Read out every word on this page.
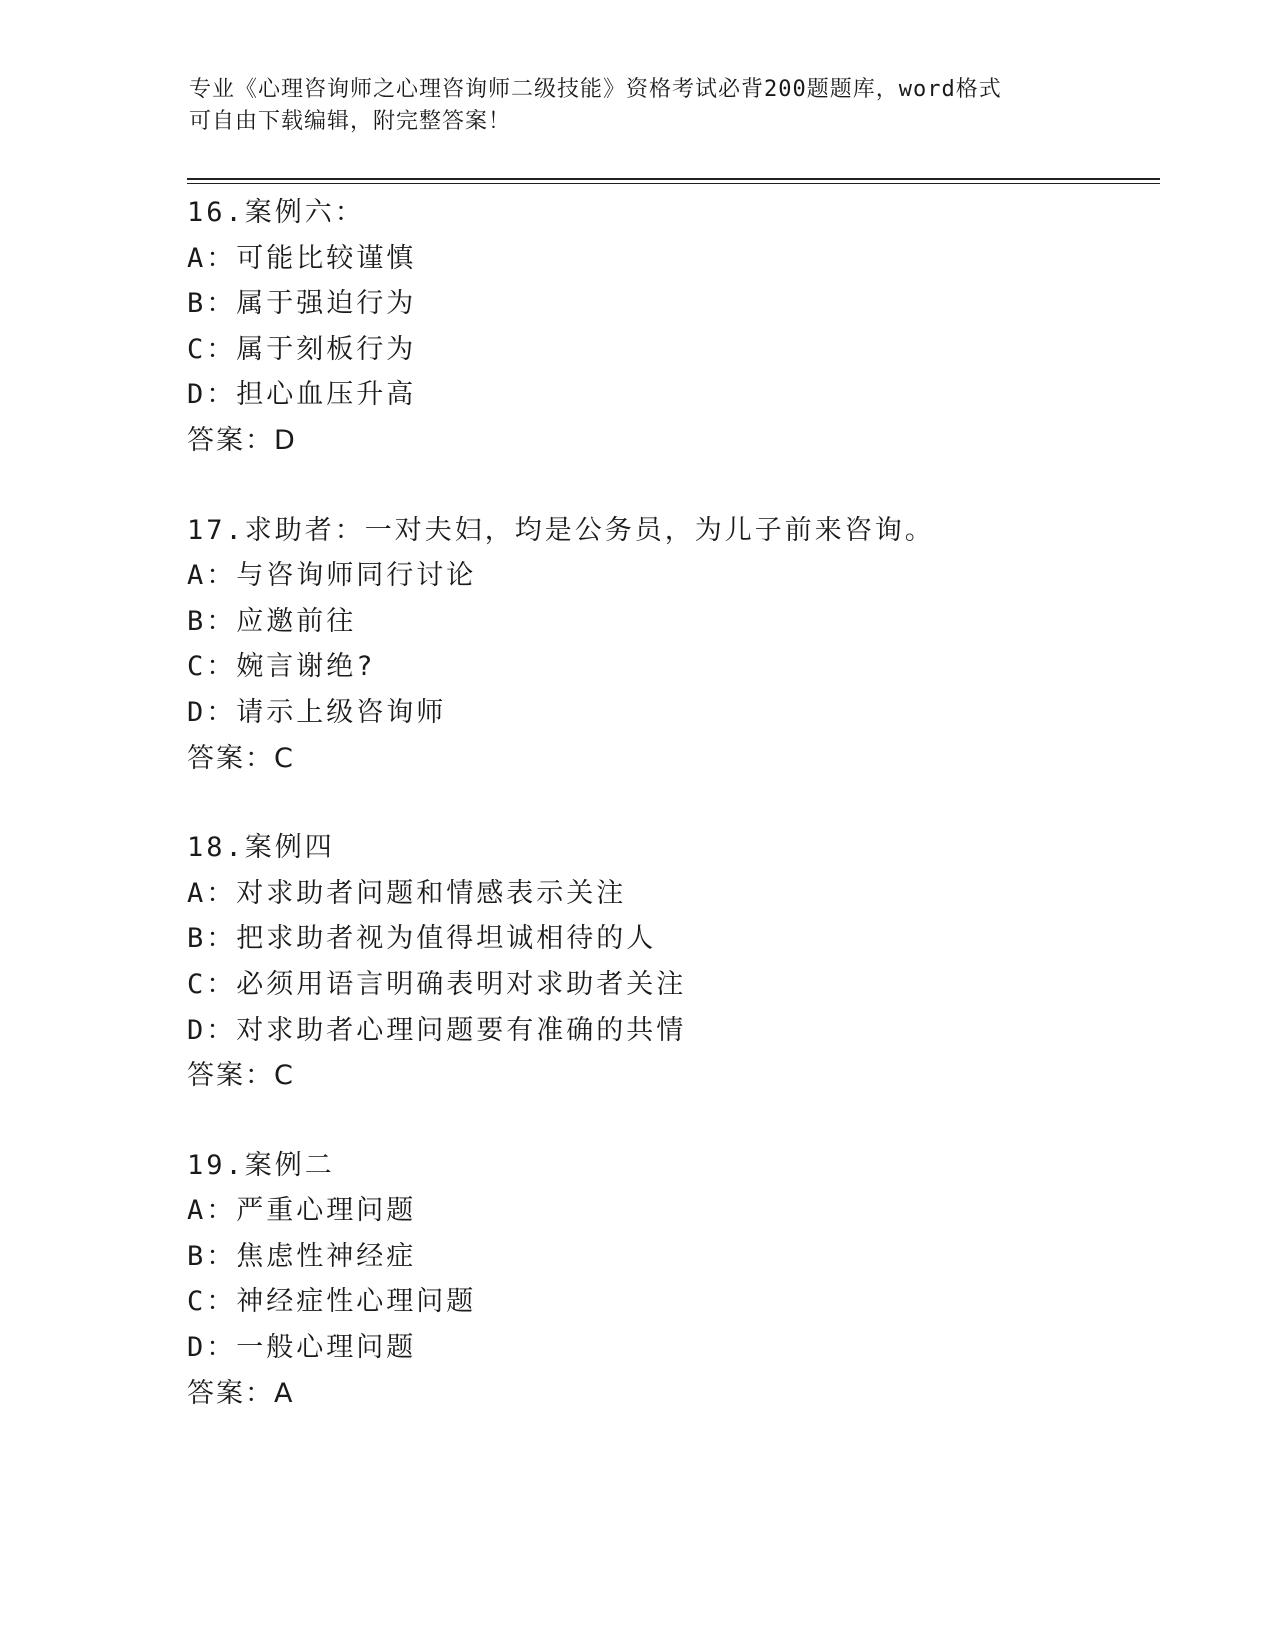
专业《心理咨询师之心理咨询师二级技能》资格考试必背200题题库，word格式
可自由下载编辑，附完整答案！
16.案例六：
A：可能比较谨慎
B：属于强迫行为
C：属于刻板行为
D：担心血压升高
答案：D
17.求助者：一对夫妇，均是公务员，为儿子前来咨询。
A：与咨询师同行讨论
B：应邀前往
C：婉言谢绝?
D：请示上级咨询师
答案：C
18.案例四
A：对求助者问题和情感表示关注
B：把求助者视为值得坦诚相待的人
C：必须用语言明确表明对求助者关注
D：对求助者心理问题要有准确的共情
答案：C
19.案例二
A：严重心理问题
B：焦虑性神经症
C：神经症性心理问题
D：一般心理问题
答案：A
